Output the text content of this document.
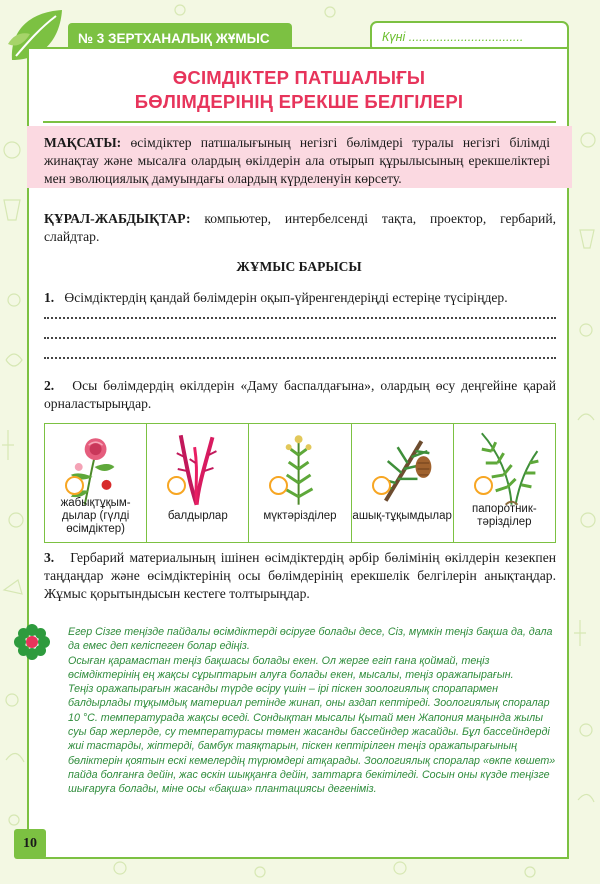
№ 3 ЗЕРТХАНАЛЫҚ ЖҰМЫС	Күні .................................
ӨСІМДІКТЕР ПАТШАЛЫҒЫ
БӨЛІМДЕРІНІҢ ЕРЕКШЕ БЕЛГІЛЕРІ
МАҚСАТЫ: өсімдіктер патшалығының негізгі бөлімдері туралы негізгі білімді жинақтау және мысалға олардың өкілдерін ала отырып құрылысының ерекшеліктері мен эволюциялық дамуындағы олардың күрделенуін көрсету.
ҚҰРАЛ-ЖАБДЫҚТАР: компьютер, интербелсенді тақта, проектор, гербарий, слайдтар.
ЖҰМЫС БАРЫСЫ
1. Өсімдіктердің қандай бөлімдерін оқып-үйренгендеріңді естеріңе түсіріңдер.
2. Осы бөлімдердің өкілдерін «Даму баспалдағына», олардың өсу деңгейіне қарай орналастырыңдар.
жабықтұқым-дылар (гүлді өсімдіктер)

балдырлар	мүктәрізділер	ашық-тұқымдылар

папоротник-тәрізділер
3. Гербарий материалының ішінен өсімдіктердің әрбір бөлімінің өкілдерін кезекпен таңдаңдар және өсімдіктерінің осы бөлімдерінің ерекшелік белгілерін анықтаңдар. Жұмыс қорытындысын кестеге толтырыңдар.

Егер Сізге теңізде пайдалы өсімдіктерді өсіруге болады десе, Сіз, мүмкін теңіз бақша да, дала да емес деп келіспеген болар едіңіз.

Осыған қарамастан теңіз бақшасы болады екен. Ол жерге егіп ғана қоймай, теңіз өсімдіктерінің ең жақсы сұрыптарын алуға болады екен, мысалы, теңіз оражапырағын.

Теңіз оражапырағын жасанды түрде өсіру үшін – ірі піскен зоологиялық спорапармен балдырлады тұқымдық материал ретінде жинап, оны аздап кептіреді. Зоологиялық споралар 10 °С. температурада жақсы өседі. Сондықтан мысалы Қытай мен Жапония маңында жылы суы бар жерлерде, су температурасы төмен жасанды бассейндер жасайды. Бұл бассейндерді жиі тастарды, жіптерді, бамбук таяқтарын, піскен кептірілген теңіз оражапырағының бөліктерін қоятын ескі кемелердің түрюмдері атқарады. Зоологиялық споралар «өкпе көшет» пайда болғанға дейін, жас өскін шыққанға дейін, заттарға бекітіледі. Сосын оны күзде теңізге шығаруға болады, міне осы «бақша» плантациясы дегеніміз.

10
